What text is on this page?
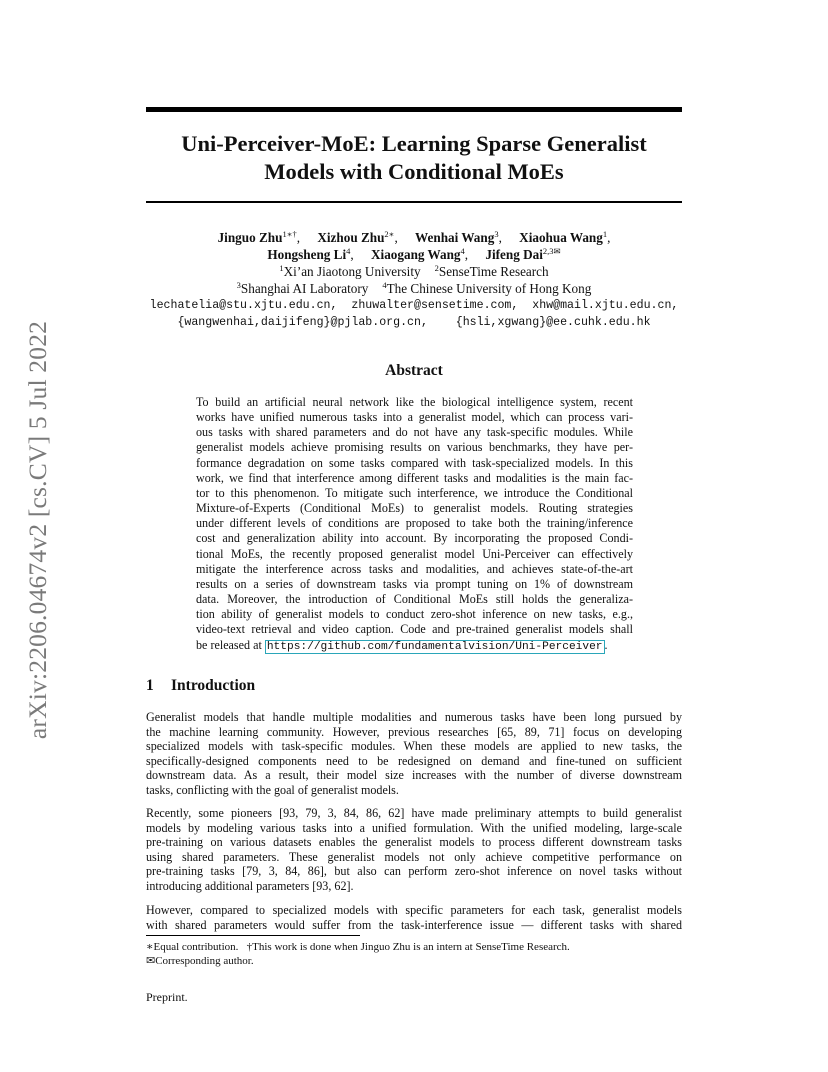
arXiv:2206.04674v2 [cs.CV] 5 Jul 2022
Uni-Perceiver-MoE: Learning Sparse Generalist
Models with Conditional MoEs
Jinguo Zhu$^{1∗\dagger}$, Xizhou Zhu$^{2∗}$, Wenhai Wang$^3$, Xiaohua Wang$^1$,
Hongsheng Li$^4$, Xiaogang Wang$^4$, Jifeng Dai$^{2,3✉}$
$^1$Xi’an Jiaotong University $^2$SenseTime Research
$^3$Shanghai AI Laboratory $^4$The Chinese University of Hong Kong
lechatelia@stu.xjtu.edu.cn,  zhuwalter@sensetime.com,  xhw@mail.xjtu.edu.cn,
{wangwenhai,daijifeng}@pjlab.org.cn,    {hsli,xgwang}@ee.cuhk.edu.hk
Abstract
To build an artificial neural network like the biological intelligence system, recent
works have unified numerous tasks into a generalist model, which can process vari-
ous tasks with shared parameters and do not have any task-specific modules. While
generalist models achieve promising results on various benchmarks, they have per-
formance degradation on some tasks compared with task-specialized models. In this
work, we find that interference among different tasks and modalities is the main fac-
tor to this phenomenon. To mitigate such interference, we introduce the Conditional
Mixture-of-Experts (Conditional MoEs) to generalist models. Routing strategies
under different levels of conditions are proposed to take both the training/inference
cost and generalization ability into account. By incorporating the proposed Condi-
tional MoEs, the recently proposed generalist model Uni-Perceiver can effectively
mitigate the interference across tasks and modalities, and achieves state-of-the-art
results on a series of downstream tasks via prompt tuning on 1% of downstream
data. Moreover, the introduction of Conditional MoEs still holds the generaliza-
tion ability of generalist models to conduct zero-shot inference on new tasks, e.g.,
video-text retrieval and video caption. Code and pre-trained generalist models shall
be released at https://github.com/fundamentalvision/Uni-Perceiver .
1 Introduction
Generalist models that handle multiple modalities and numerous tasks have been long pursued by
the machine learning community. However, previous researches [65, 89, 71] focus on developing
specialized models with task-specific modules. When these models are applied to new tasks, the
specifically-designed components need to be redesigned on demand and fine-tuned on sufficient
downstream data. As a result, their model size increases with the number of diverse downstream
tasks, conflicting with the goal of generalist models.
Recently, some pioneers [93, 79, 3, 84, 86, 62] have made preliminary attempts to build generalist
models by modeling various tasks into a unified formulation. With the unified modeling, large-scale
pre-training on various datasets enables the generalist models to process different downstream tasks
using shared parameters. These generalist models not only achieve competitive performance on
pre-training tasks [79, 3, 84, 86], but also can perform zero-shot inference on novel tasks without
introducing additional parameters [93, 62].
However, compared to specialized models with specific parameters for each task, generalist models
with shared parameters would suffer from the task-interference issue — different tasks with shared
∗Equal contribution.   †This work is done when Jinguo Zhu is an intern at SenseTime Research.
✉Corresponding author.
Preprint.
